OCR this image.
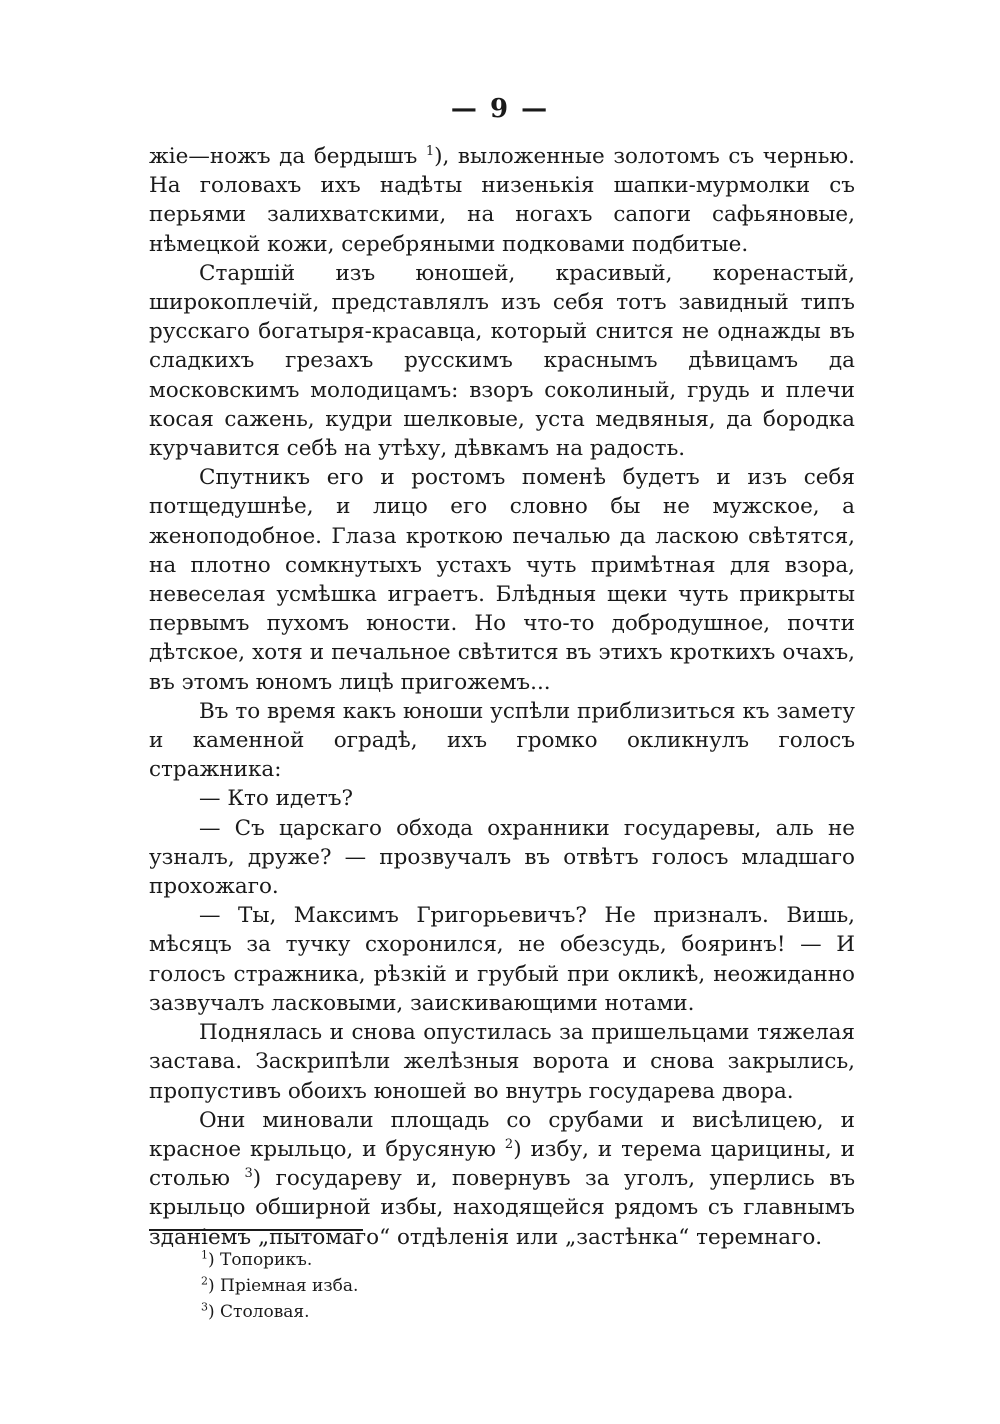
— 9 —

жіе—ножъ да бердышъ $^1$), выложенные золотомъ съ чернью. На головахъ ихъ надѣты низенькія шапки-мурмолки съ перьями залихватскими, на ногахъ сапоги сафьяновые, нѣмецкой кожи, серебряными подковами подбитые.

Старшій изъ юношей, красивый, коренастый, широкоплечій, представлялъ изъ себя тотъ завидный типъ русскаго богатыря-красавца, который снится не однажды въ сладкихъ грезахъ русскимъ краснымъ дѣвицамъ да московскимъ молодицамъ: взоръ соколиный, грудь и плечи косая сажень, кудри шелковые, уста медвяныя, да бородка курчавится себѣ на утѣху, дѣвкамъ на радость.

Спутникъ его и ростомъ поменѣ будетъ и изъ себя потщедушнѣе, и лицо его словно бы не мужское, а женоподобное. Глаза кроткою печалью да ласкою свѣтятся, на плотно сомкнутыхъ устахъ чуть примѣтная для взора, невеселая усмѣшка играетъ. Блѣдныя щеки чуть прикрыты первымъ пухомъ юности. Но что-то добродушное, почти дѣтское, хотя и печальное свѣтится въ этихъ кроткихъ очахъ, въ этомъ юномъ лицѣ пригожемъ...

Въ то время какъ юноши успѣли приблизиться къ замету и каменной оградѣ, ихъ громко окликнулъ голосъ стражника:

— Кто идетъ?

— Съ царскаго обхода охранники государевы, аль не узналъ, друже? — прозвучалъ въ отвѣтъ голосъ младшаго прохожаго.

— Ты, Максимъ Григорьевичъ? Не призналъ. Вишь, мѣсяцъ за тучку схоронился, не обезсудь, бояринъ! — И голосъ стражника, рѣзкій и грубый при окликѣ, неожиданно зазвучалъ ласковыми, заискивающими нотами.

Поднялась и снова опустилась за пришельцами тяжелая застава. Заскрипѣли желѣзныя ворота и снова закрылись, пропустивъ обоихъ юношей во внутрь государева двора.

Они миновали площадь со срубами и висѣлицею, и красное крыльцо, и брусяную $^2$) избу, и терема царицины, и столью $^3$) государеву и, повернувъ за уголъ, уперлись въ крыльцо обширной избы, находящейся рядомъ съ главнымъ зданіемъ „пытомаго“ отдѣленія или „застѣнка“ теремнаго.

$^1$) Топорикъ.

$^2$) Пріемная изба.

$^3$) Столовая.
